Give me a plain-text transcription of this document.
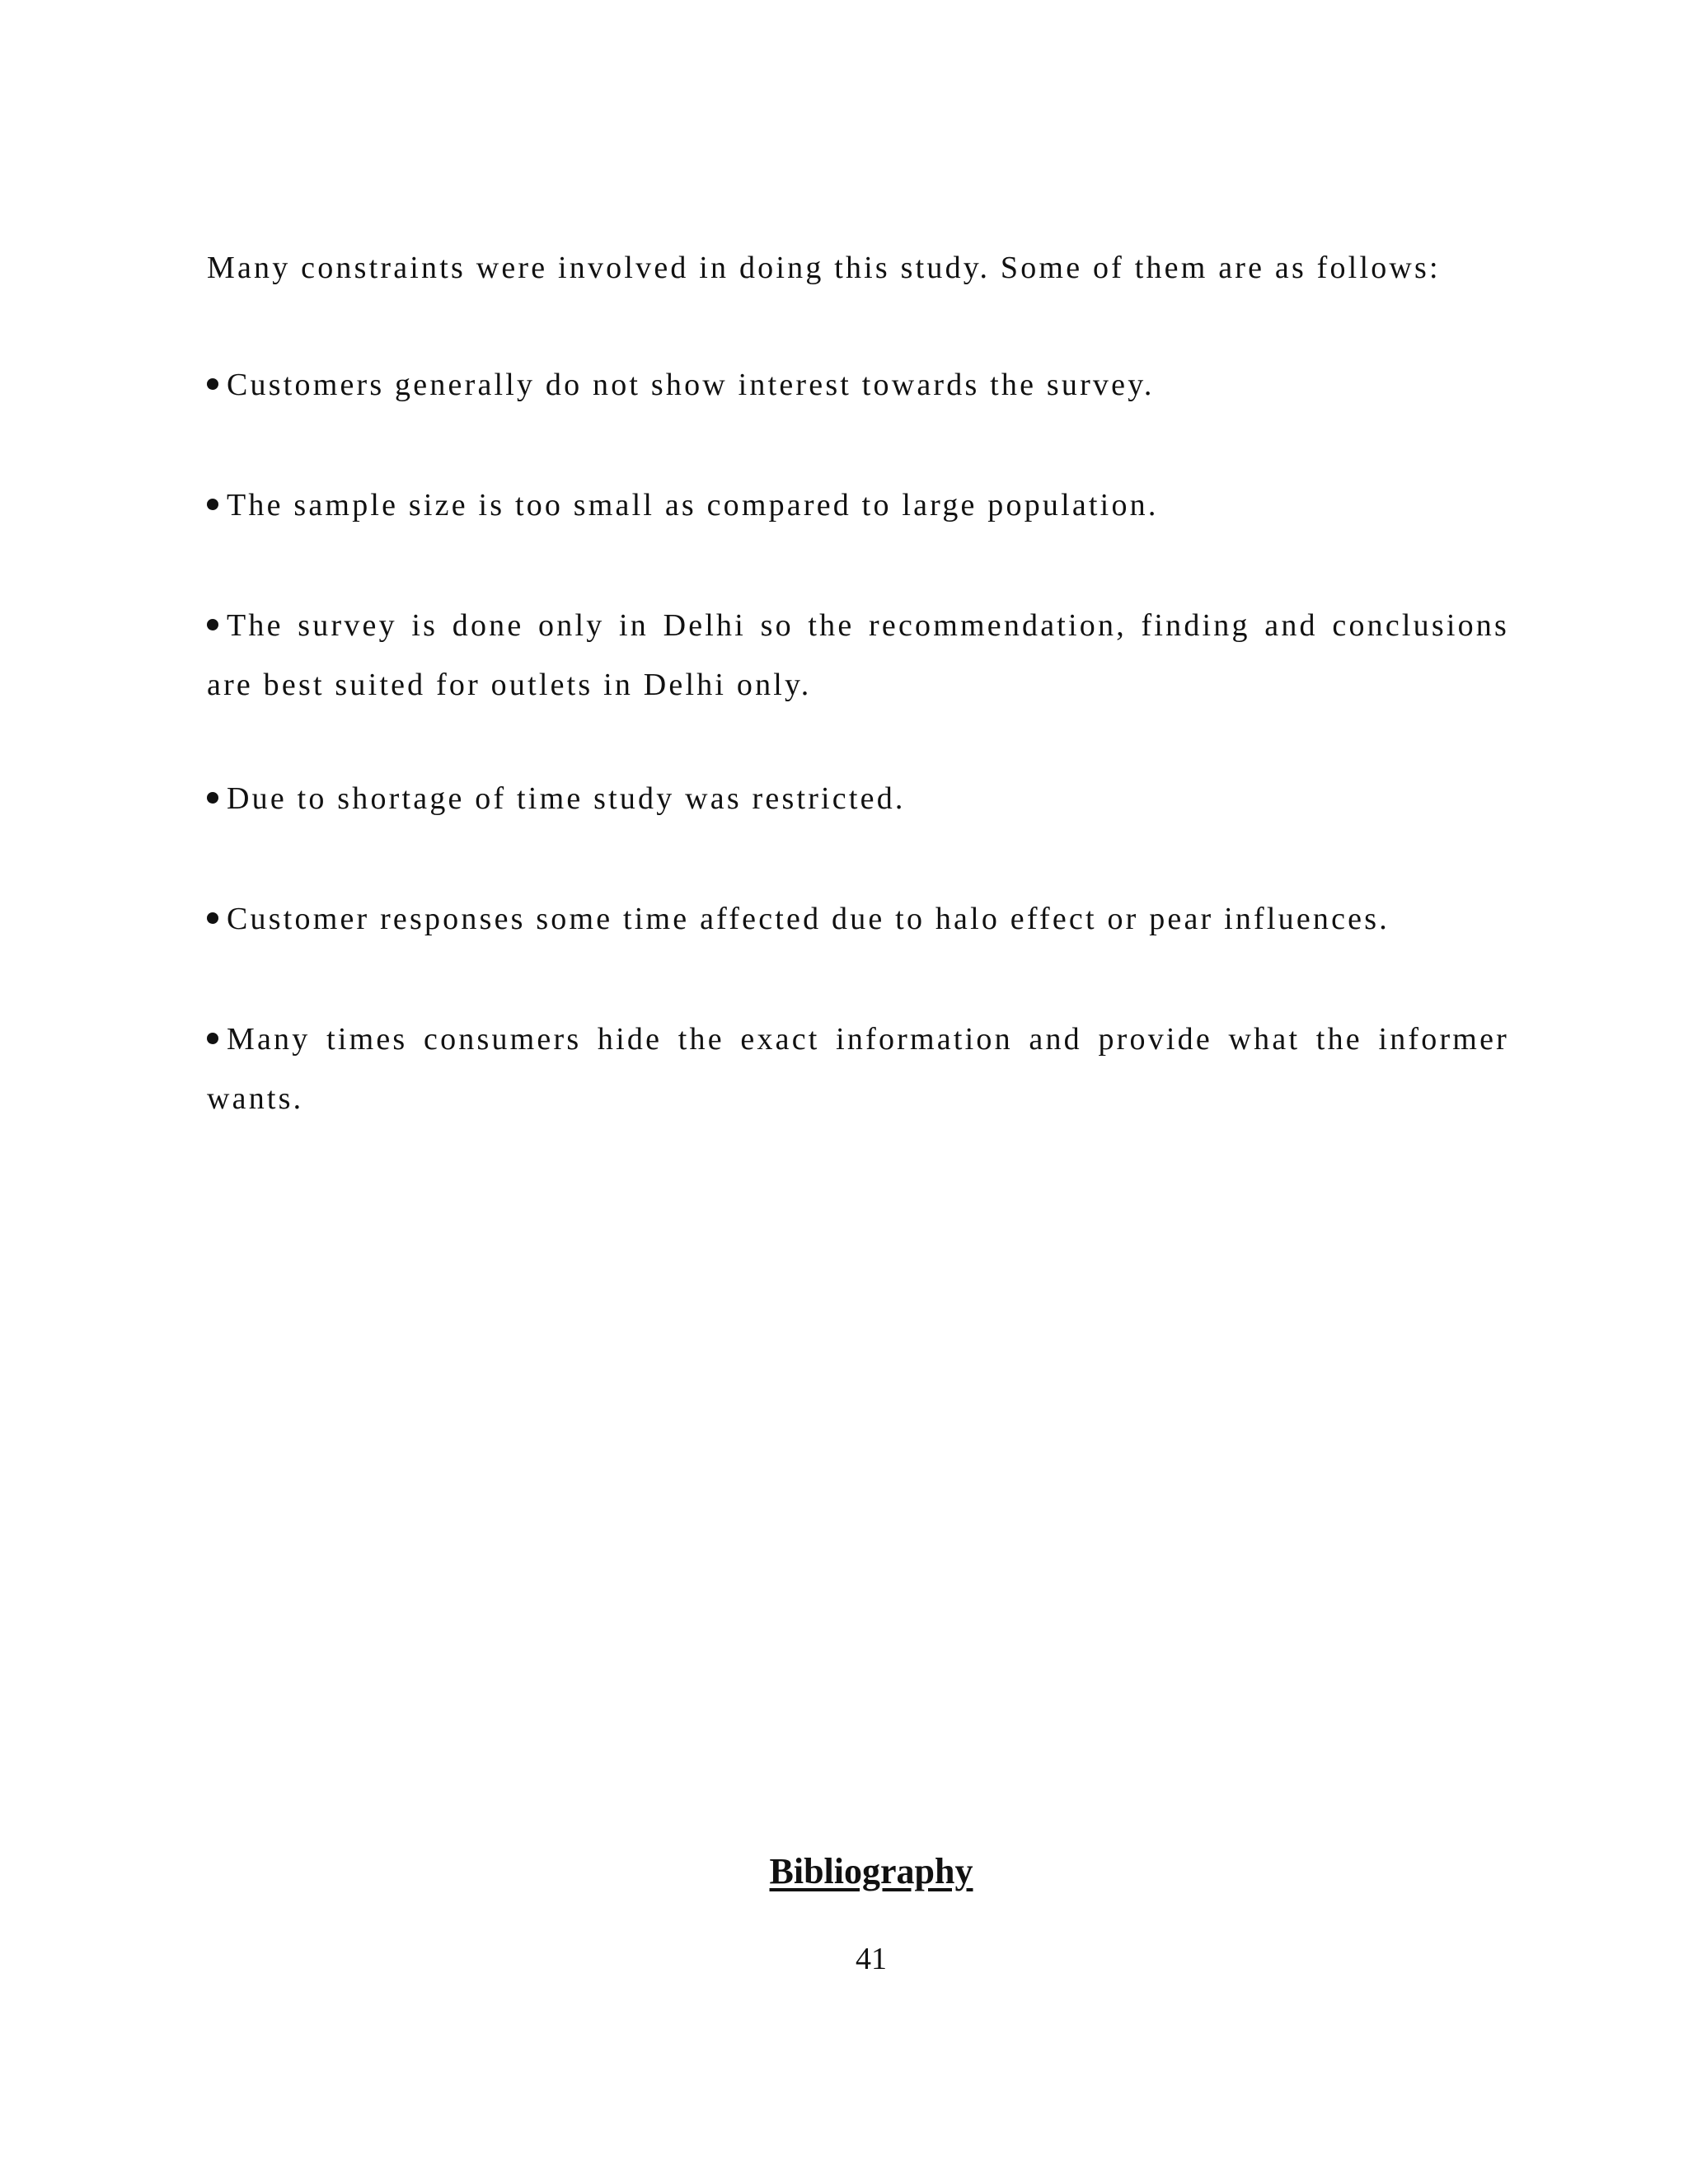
Many constraints were involved in doing this study. Some of them are as follows:

Customers generally do not show interest towards the survey.

The sample size is too small as compared to large population.

The survey is done only in Delhi so the recommendation, finding and conclusions are best suited for outlets in Delhi only.

Due to shortage of time study was restricted.

Customer responses some time affected due to halo effect or pear influences.

Many times consumers hide the exact information and provide what the informer wants.

Bibliography

41
